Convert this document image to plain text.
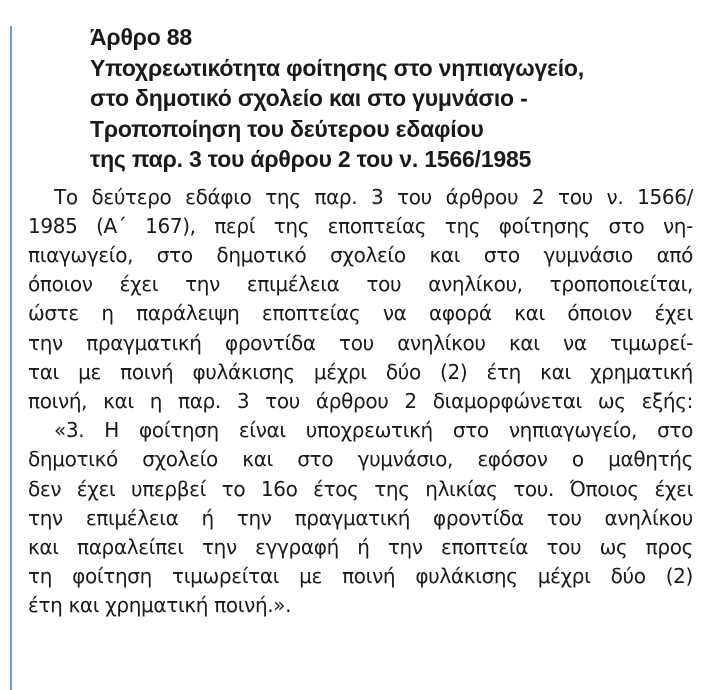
Άρθρο 88
Υποχρεωτικότητα φοίτησης στο νηπιαγωγείο,
στο δημοτικό σχολείο και στο γυμνάσιο -
Τροποποίηση του δεύτερου εδαφίου
της παρ. 3 του άρθρου 2 του ν. 1566/1985
Το δεύτερο εδάφιο της παρ. 3 του άρθρου 2 του ν. 1566/
1985 (Α΄ 167), περί της εποπτείας της φοίτησης στο νη-
πιαγωγείο, στο δημοτικό σχολείο και στο γυμνάσιο από
όποιον έχει την επιμέλεια του ανηλίκου, τροποποιείται,
ώστε η παράλειψη εποπτείας να αφορά και όποιον έχει
την πραγματική φροντίδα του ανηλίκου και να τιμωρεί-
ται με ποινή φυλάκισης μέχρι δύο (2) έτη και χρηματική
ποινή, και η παρ. 3 του άρθρου 2 διαμορφώνεται ως εξής:
«3. Η φοίτηση είναι υποχρεωτική στο νηπιαγωγείο, στο
δημοτικό σχολείο και στο γυμνάσιο, εφόσον ο μαθητής
δεν έχει υπερβεί το 16ο έτος της ηλικίας του. Όποιος έχει
την επιμέλεια ή την πραγματική φροντίδα του ανηλίκου
και παραλείπει την εγγραφή ή την εποπτεία του ως προς
τη φοίτηση τιμωρείται με ποινή φυλάκισης μέχρι δύο (2)
έτη και χρηματική ποινή.».
